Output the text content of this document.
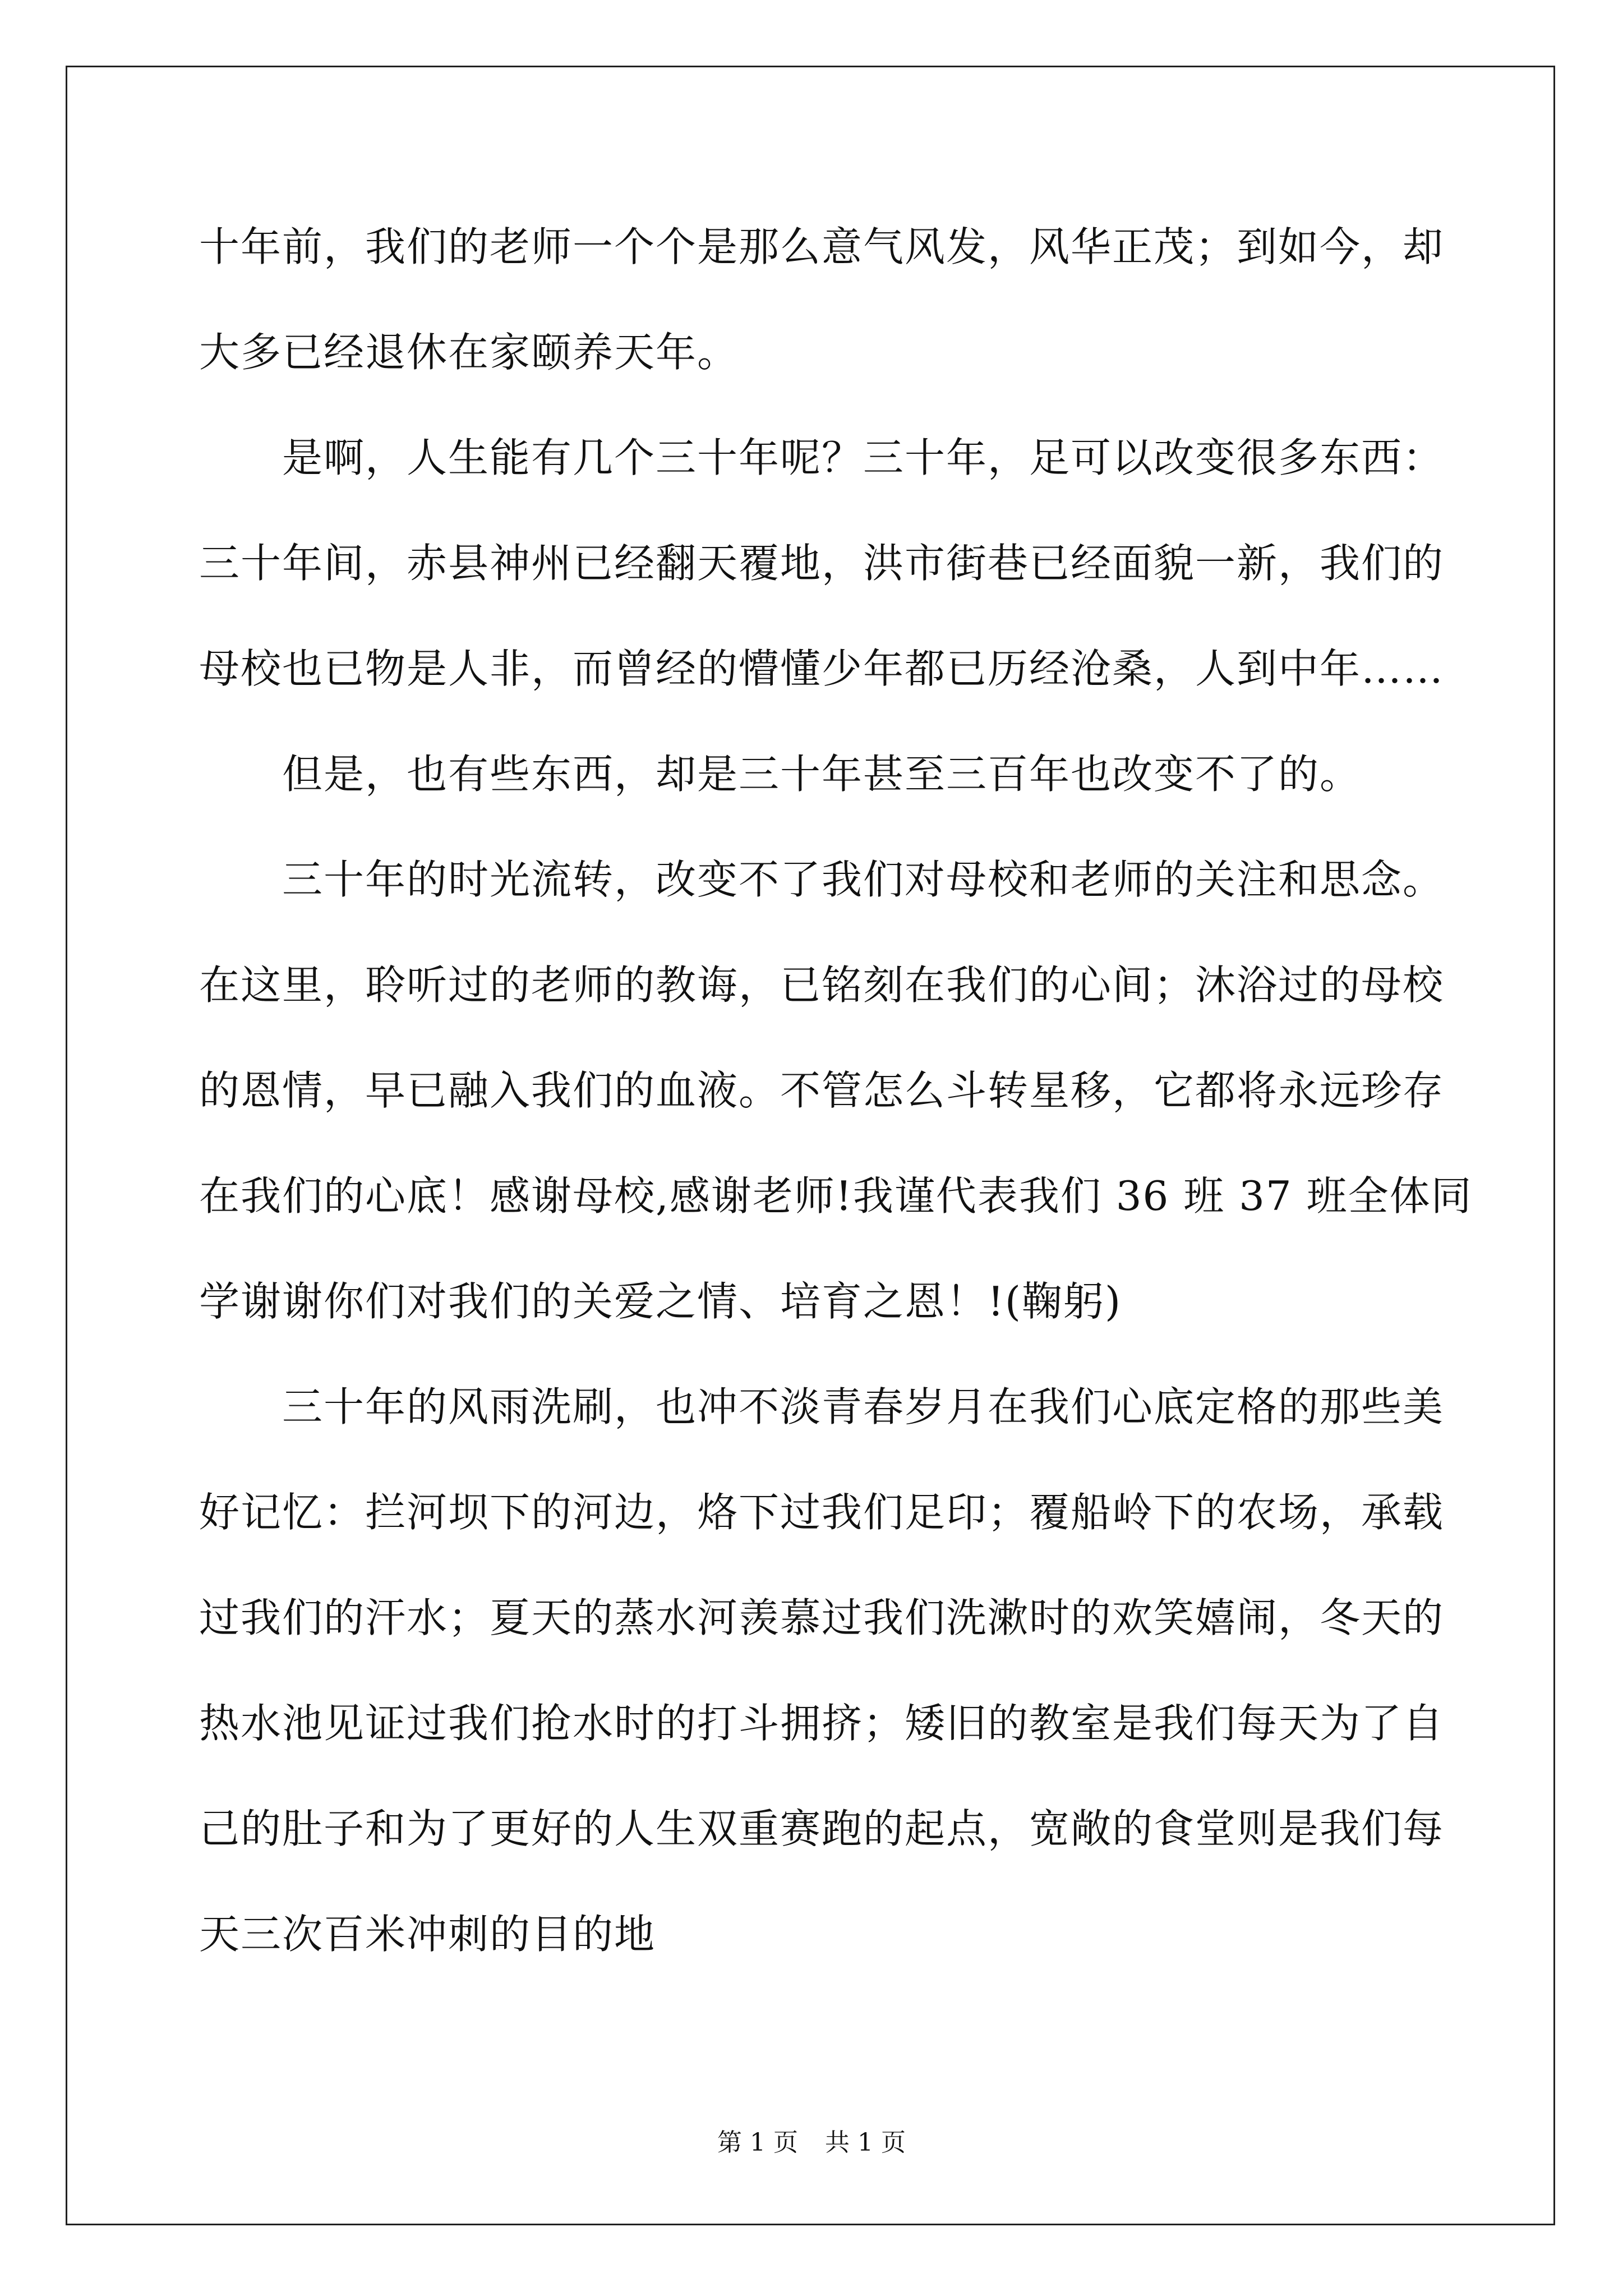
十年前，我们的老师一个个是那么意气风发，风华正茂；到如今，却
大多已经退休在家颐养天年。
是啊，人生能有几个三十年呢？三十年，足可以改变很多东西：
三十年间，赤县神州已经翻天覆地，洪市街巷已经面貌一新，我们的
母校也已物是人非，而曾经的懵懂少年都已历经沧桑，人到中年……
但是，也有些东西，却是三十年甚至三百年也改变不了的。
三十年的时光流转，改变不了我们对母校和老师的关注和思念。
在这里，聆听过的老师的教诲，已铭刻在我们的心间；沐浴过的母校
的恩情，早已融入我们的血液。不管怎么斗转星移，它都将永远珍存
在我们的心底！感谢母校,感谢老师!我谨代表我们 36 班 37 班全体同
学谢谢你们对我们的关爱之情、培育之恩！!(鞠躬)
三十年的风雨洗刷，也冲不淡青春岁月在我们心底定格的那些美
好记忆：拦河坝下的河边，烙下过我们足印；覆船岭下的农场，承载
过我们的汗水；夏天的蒸水河羡慕过我们洗漱时的欢笑嬉闹，冬天的
热水池见证过我们抢水时的打斗拥挤；矮旧的教室是我们每天为了自
己的肚子和为了更好的人生双重赛跑的起点，宽敞的食堂则是我们每
天三次百米冲刺的目的地
第 1 页 共 1 页
